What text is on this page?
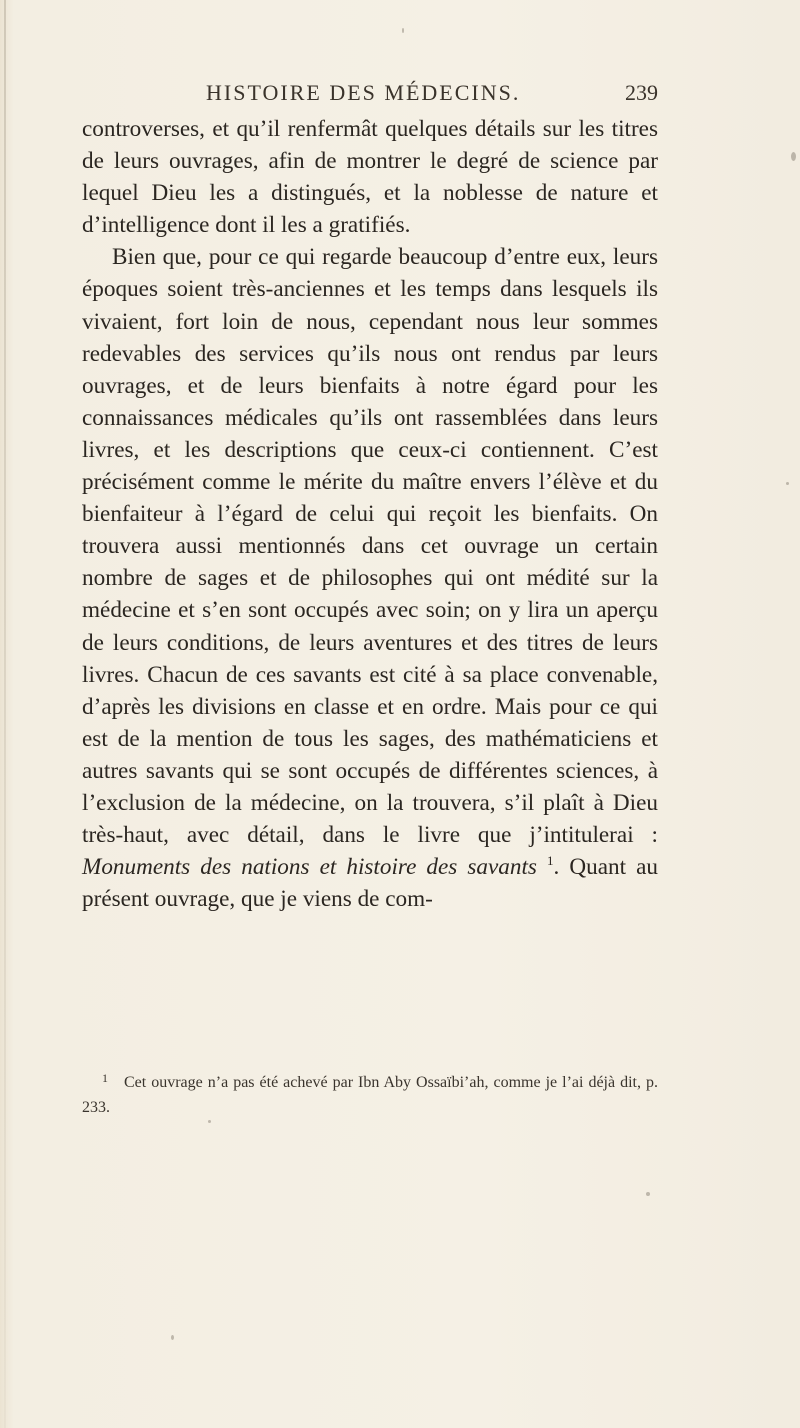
HISTOIRE DES MÉDECINS.	239

controverses, et qu’il renfermât quelques détails sur les titres de leurs ouvrages, afin de montrer le degré de science par lequel Dieu les a distingués, et la noblesse de nature et d’intelligence dont il les a gratifiés.

Bien que, pour ce qui regarde beaucoup d’entre eux, leurs époques soient très-anciennes et les temps dans lesquels ils vivaient, fort loin de nous, cependant nous leur sommes redevables des services qu’ils nous ont rendus par leurs ouvrages, et de leurs bienfaits à notre égard pour les connaissances médicales qu’ils ont rassemblées dans leurs livres, et les descriptions que ceux-ci contiennent. C’est précisément comme le mérite du maître envers l’élève et du bienfaiteur à l’égard de celui qui reçoit les bienfaits. On trouvera aussi mentionnés dans cet ouvrage un certain nombre de sages et de philosophes qui ont médité sur la médecine et s’en sont occupés avec soin; on y lira un aperçu de leurs conditions, de leurs aventures et des titres de leurs livres. Chacun de ces savants est cité à sa place convenable, d’après les divisions en classe et en ordre. Mais pour ce qui est de la mention de tous les sages, des mathématiciens et autres savants qui se sont occupés de différentes sciences, à l’exclusion de la médecine, on la trouvera, s’il plaît à Dieu très-haut, avec détail, dans le livre que j’intitulerai : Monuments des nations et histoire des savants $^1$. Quant au présent ouvrage, que je viens de com-

1 Cet ouvrage n’a pas été achevé par Ibn Aby Ossaïbi’ah, comme je l’ai déjà dit, p. 233.
